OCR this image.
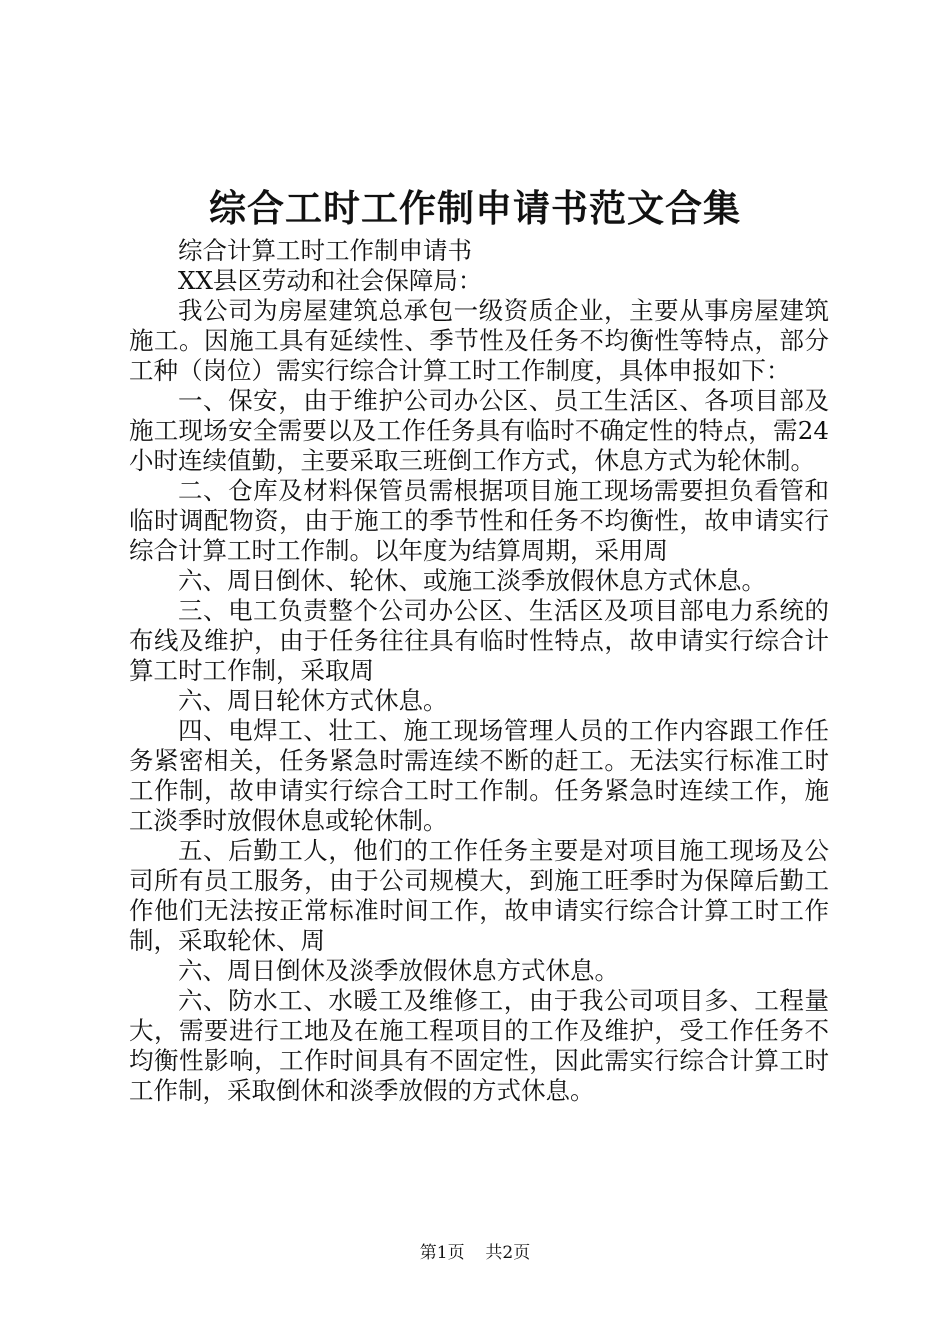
综合工时工作制申请书范文合集

综合计算工时工作制申请书

XX县区劳动和社会保障局：

我公司为房屋建筑总承包一级资质企业，主要从事房屋建筑施工。因施工具有延续性、季节性及任务不均衡性等特点，部分工种（岗位）需实行综合计算工时工作制度，具体申报如下：

一、保安，由于维护公司办公区、员工生活区、各项目部及施工现场安全需要以及工作任务具有临时不确定性的特点，需24小时连续值勤，主要采取三班倒工作方式，休息方式为轮休制。

二、仓库及材料保管员需根据项目施工现场需要担负看管和临时调配物资，由于施工的季节性和任务不均衡性，故申请实行综合计算工时工作制。以年度为结算周期，采用周

六、周日倒休、轮休、或施工淡季放假休息方式休息。

三、电工负责整个公司办公区、生活区及项目部电力系统的布线及维护，由于任务往往具有临时性特点，故申请实行综合计算工时工作制，采取周

六、周日轮休方式休息。

四、电焊工、壮工、施工现场管理人员的工作内容跟工作任务紧密相关，任务紧急时需连续不断的赶工。无法实行标准工时工作制，故申请实行综合工时工作制。任务紧急时连续工作，施工淡季时放假休息或轮休制。

五、后勤工人，他们的工作任务主要是对项目施工现场及公司所有员工服务，由于公司规模大，到施工旺季时为保障后勤工作他们无法按正常标准时间工作，故申请实行综合计算工时工作制，采取轮休、周

六、周日倒休及淡季放假休息方式休息。

六、防水工、水暖工及维修工，由于我公司项目多、工程量大，需要进行工地及在施工程项目的工作及维护，受工作任务不均衡性影响，工作时间具有不固定性，因此需实行综合计算工时工作制，采取倒休和淡季放假的方式休息。

第1页 共2页
